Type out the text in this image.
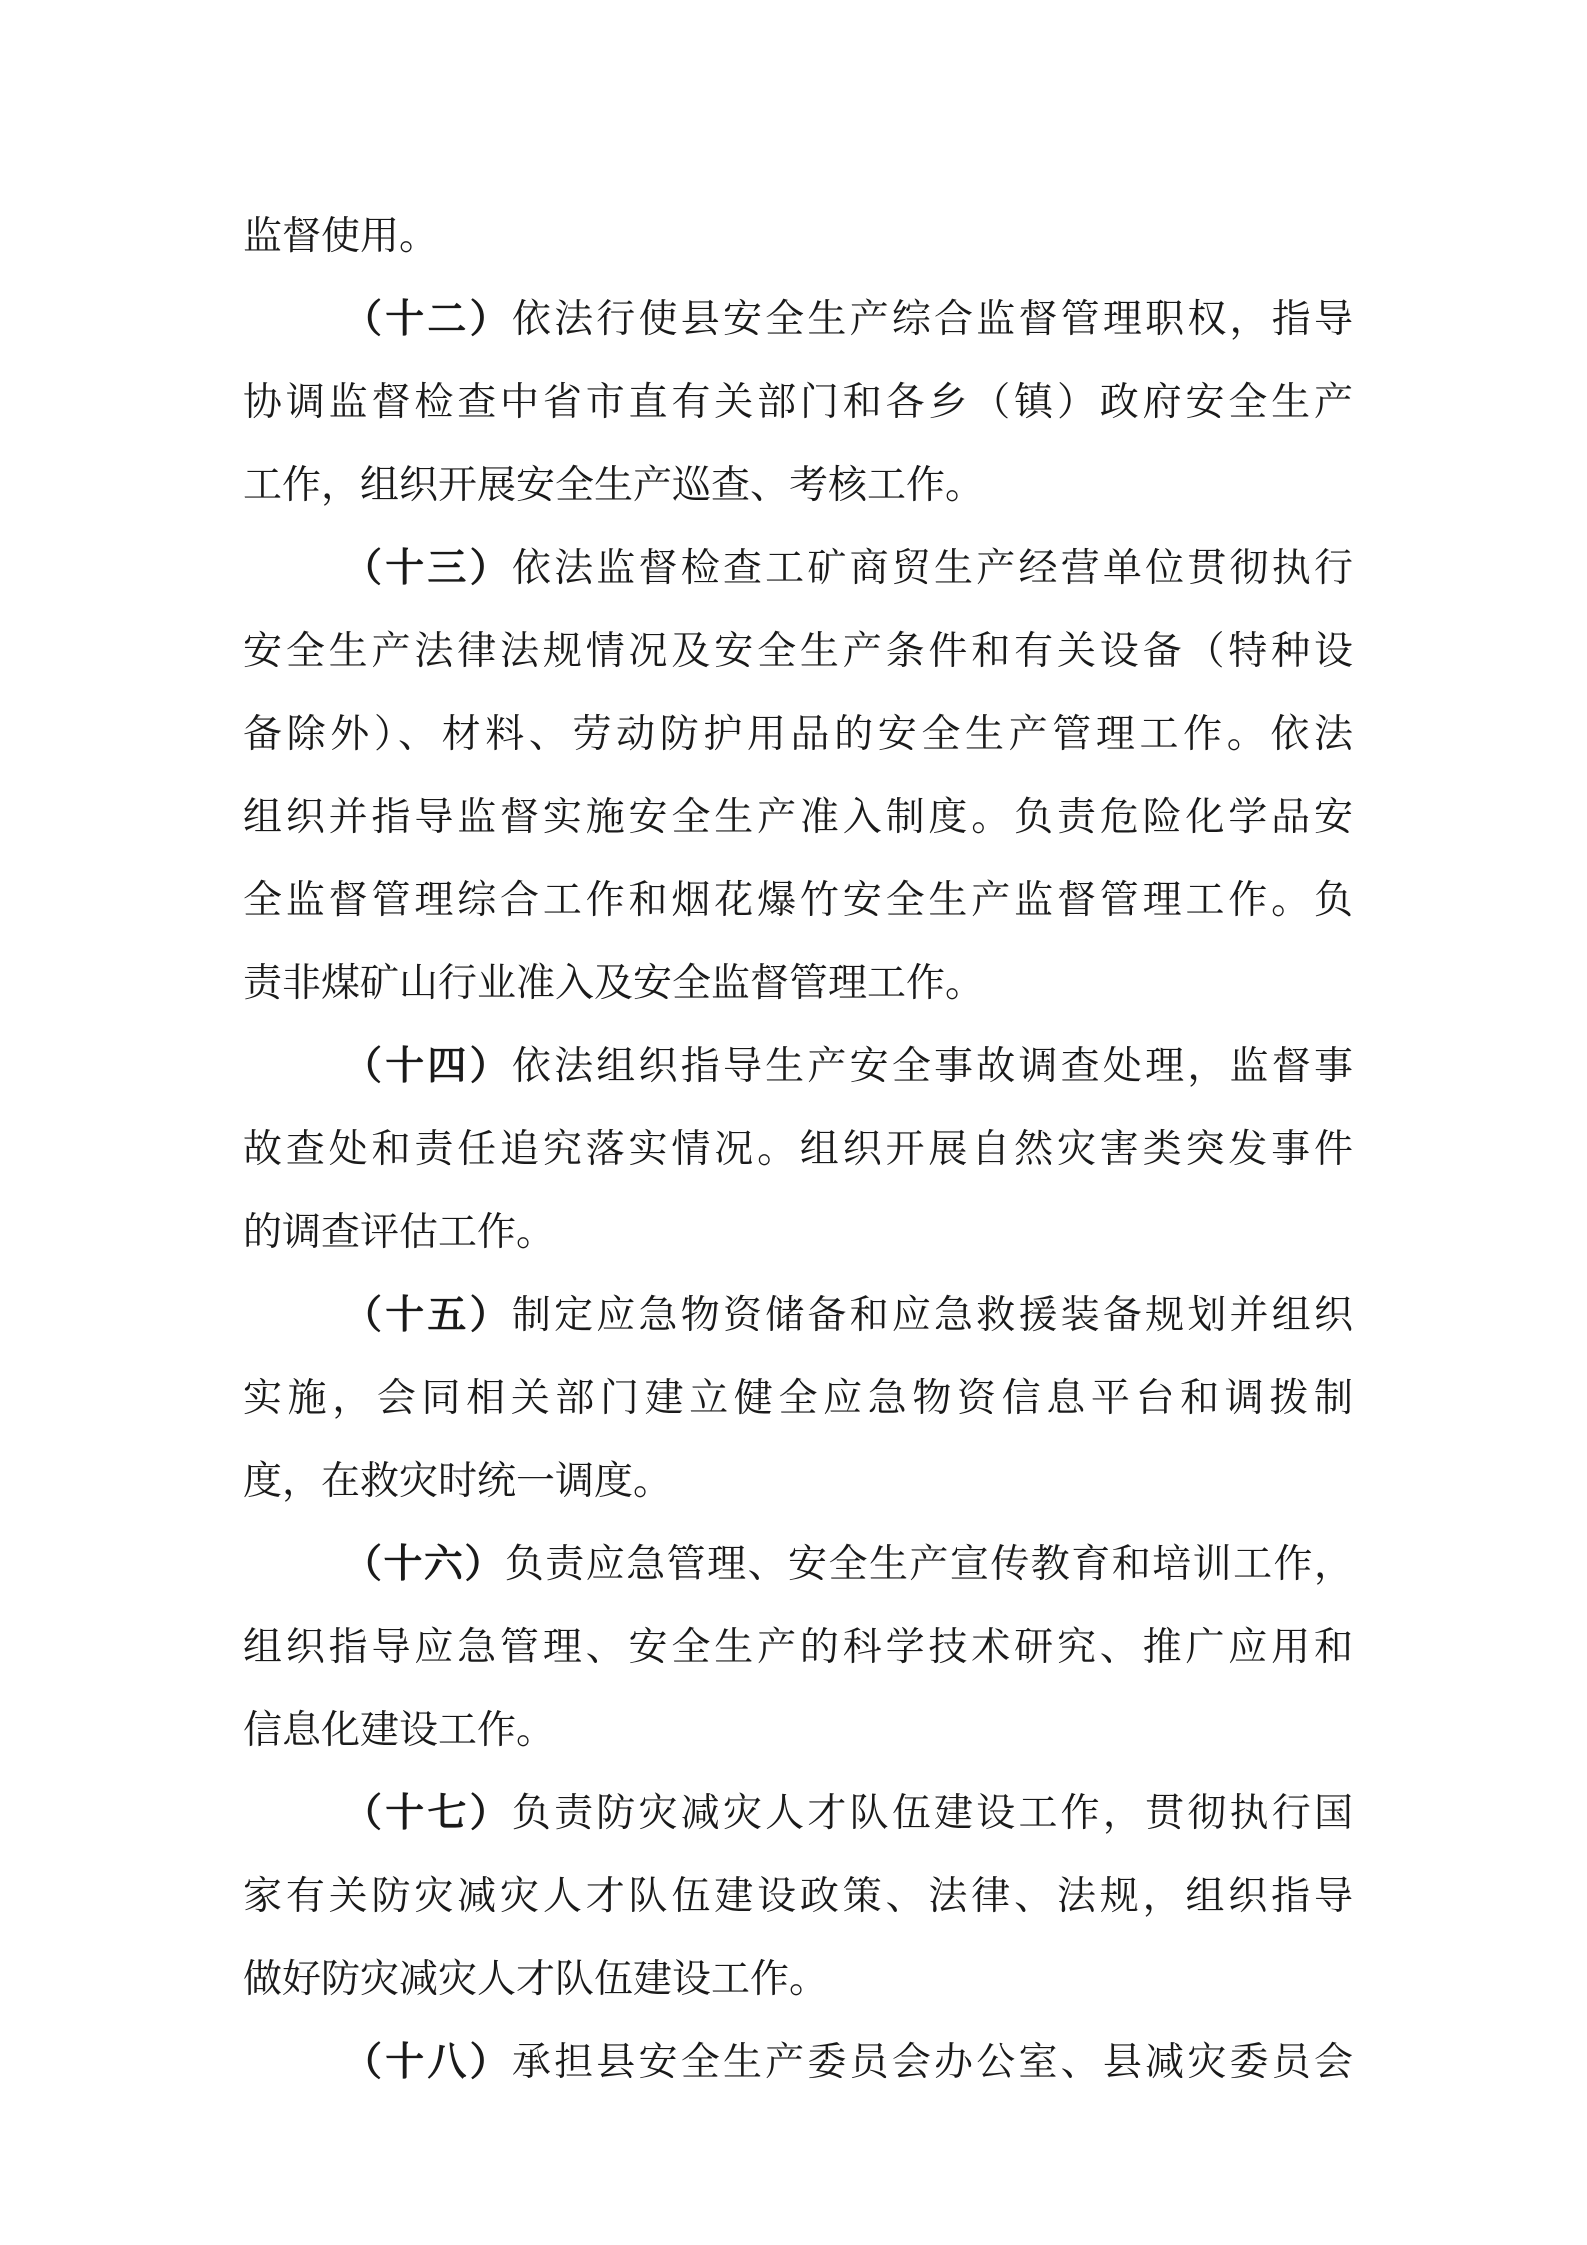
监督使用。
（十二）依法行使县安全生产综合监督管理职权，指导
协调监督检查中省市直有关部门和各乡（镇）政府安全生产
工作，组织开展安全生产巡查、考核工作。
（十三）依法监督检查工矿商贸生产经营单位贯彻执行
安全生产法律法规情况及安全生产条件和有关设备（特种设
备除外）、材料、劳动防护用品的安全生产管理工作。依法
组织并指导监督实施安全生产准入制度。负责危险化学品安
全监督管理综合工作和烟花爆竹安全生产监督管理工作。负
责非煤矿山行业准入及安全监督管理工作。
（十四）依法组织指导生产安全事故调查处理，监督事
故查处和责任追究落实情况。组织开展自然灾害类突发事件
的调查评估工作。
（十五）制定应急物资储备和应急救援装备规划并组织
实施，会同相关部门建立健全应急物资信息平台和调拨制
度，在救灾时统一调度。
（十六）负责应急管理、安全生产宣传教育和培训工作，
组织指导应急管理、安全生产的科学技术研究、推广应用和
信息化建设工作。
（十七）负责防灾减灾人才队伍建设工作，贯彻执行国
家有关防灾减灾人才队伍建设政策、法律、法规，组织指导
做好防灾减灾人才队伍建设工作。
（十八）承担县安全生产委员会办公室、县减灾委员会
